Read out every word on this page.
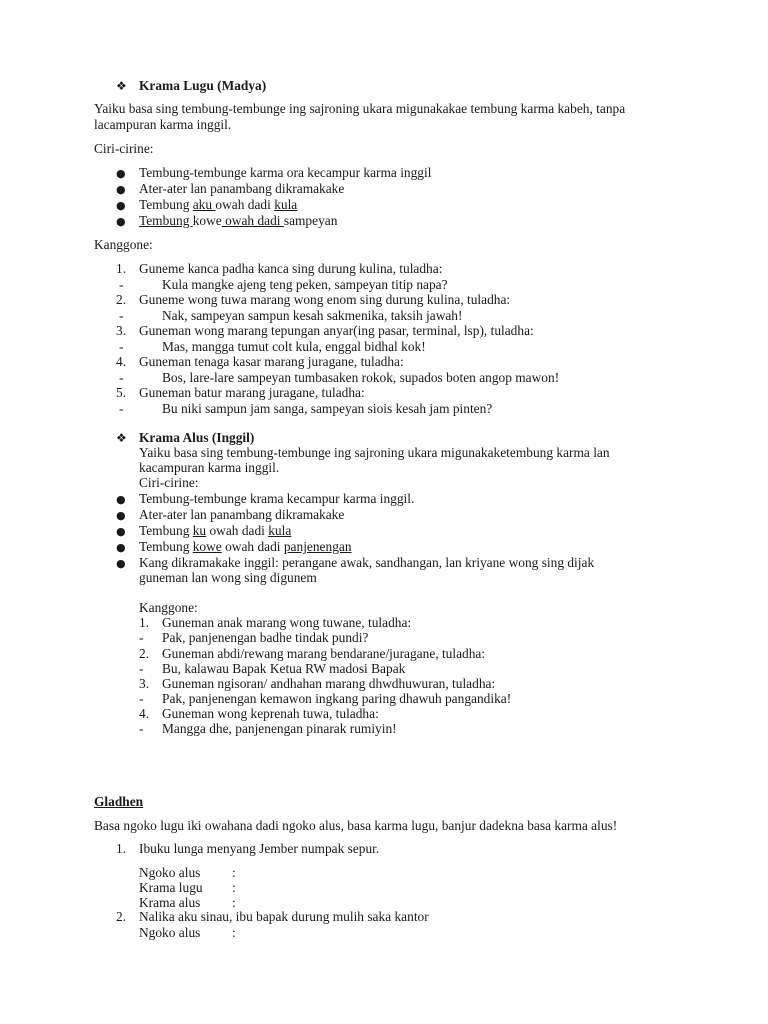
❖ Krama Lugu (Madya)
Yaiku basa sing tembung-tembunge ing sajroning ukara migunakakae tembung karma kabeh, tanpa
lacampuran karma inggil.
Ciri-cirine:
● Tembung-tembunge karma ora kecampur karma inggil
● Ater-ater lan panambang dikramakake
● Tembung aku owah dadi kula
● Tembung kowe owah dadi sampeyan
Kanggone:
1. Guneme kanca padha kanca sing durung kulina, tuladha:
-	Kula mangke ajeng teng peken, sampeyan titip napa?
2. Guneme wong tuwa marang wong enom sing durung kulina, tuladha:
-	Nak, sampeyan sampun kesah sakmenika, taksih jawah!
3. Guneman wong marang tepungan anyar(ing pasar, terminal, lsp), tuladha:
-	Mas, mangga tumut colt kula, enggal bidhal kok!
4. Guneman tenaga kasar marang juragane, tuladha:
-	Bos, lare-lare sampeyan tumbasaken rokok, supados boten angop mawon!
5. Guneman batur marang juragane, tuladha:
-	Bu niki sampun jam sanga, sampeyan siois kesah jam pinten?
❖ Krama Alus (Inggil)
Yaiku basa sing tembung-tembunge ing sajroning ukara migunakaketembung karma lan
kacampuran karma inggil.
Ciri-cirine:
● Tembung-tembunge krama kecampur karma inggil.
● Ater-ater lan panambang dikramakake
● Tembung ku owah dadi kula
● Tembung kowe owah dadi panjenengan
● Kang dikramakake inggil: perangane awak, sandhangan, lan kriyane wong sing dijak
guneman lan wong sing digunem
Kanggone:
1. Guneman anak marang wong tuwane, tuladha:
- Pak, panjenengan badhe tindak pundi?
2. Guneman abdi/rewang marang bendarane/juragane, tuladha:
- Bu, kalawau Bapak Ketua RW madosi Bapak
3. Guneman ngisoran/ andhahan marang dhwdhuwuran, tuladha:
- Pak, panjenengan kemawon ingkang paring dhawuh pangandika!
4. Guneman wong keprenah tuwa, tuladha:
- Mangga dhe, panjenengan pinarak rumiyin!
Gladhen
Basa ngoko lugu iki owahana dadi ngoko alus, basa karma lugu, banjur dadekna basa karma alus!
1. Ibuku lunga menyang Jember numpak sepur.
Ngoko alus :
Krama lugu :
Krama alus :
2. Nalika aku sinau, ibu bapak durung mulih saka kantor
Ngoko alus :
